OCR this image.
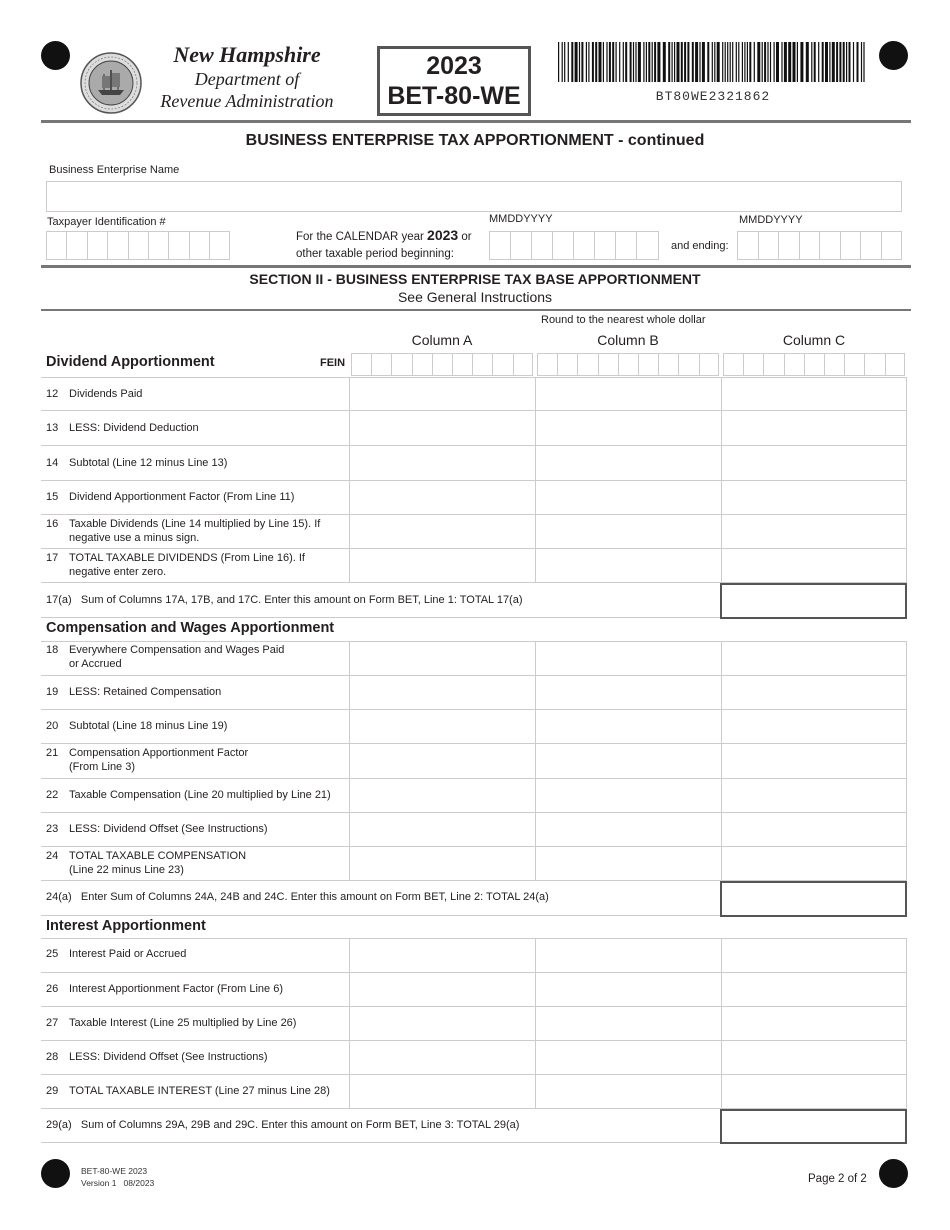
New Hampshire
Department of
Revenue Administration
2023
BET-80-WE	BT80WE2321862
BUSINESS ENTERPRISE TAX APPORTIONMENT - continued
Business Enterprise Name
Taxpayer Identification #
For the CALENDAR year 2023 or
other taxable period beginning:
MMDDYYYY
and ending:
MMDDYYYY
SECTION II - BUSINESS ENTERPRISE TAX BASE APPORTIONMENT
See General Instructions
Round to the nearest whole dollar
Column A	Column B	Column C
Dividend Apportionment	FEIN
12 Dividends Paid
13 LESS: Dividend Deduction
14 Subtotal (Line 12 minus Line 13)
15 Dividend Apportionment Factor (From Line 11)
16 Taxable Dividends (Line 14 multiplied by Line 15). If
negative use a minus sign.
17 TOTAL TAXABLE DIVIDENDS (From Line 16). If
negative enter zero.
17(a) Sum of Columns 17A, 17B, and 17C. Enter this amount on Form BET, Line 1: TOTAL 17(a)
Compensation and Wages Apportionment
18 Everywhere Compensation and Wages Paid
or Accrued
19 LESS: Retained Compensation
20 Subtotal (Line 18 minus Line 19)
21 Compensation Apportionment Factor
(From Line 3)
22 Taxable Compensation (Line 20 multiplied by Line 21)
23 LESS: Dividend Offset (See Instructions)
24 TOTAL TAXABLE COMPENSATION
(Line 22 minus Line 23)
24(a) Enter Sum of Columns 24A, 24B and 24C. Enter this amount on Form BET, Line 2: TOTAL 24(a)
Interest Apportionment
25 Interest Paid or Accrued
26 Interest Apportionment Factor (From Line 6)
27 Taxable Interest (Line 25 multiplied by Line 26)
28 LESS: Dividend Offset (See Instructions)
29 TOTAL TAXABLE INTEREST (Line 27 minus Line 28)
29(a) Sum of Columns 29A, 29B and 29C. Enter this amount on Form BET, Line 3: TOTAL 29(a)
BET-80-WE 2023
Version 1 08/2023	Page 2 of 2
